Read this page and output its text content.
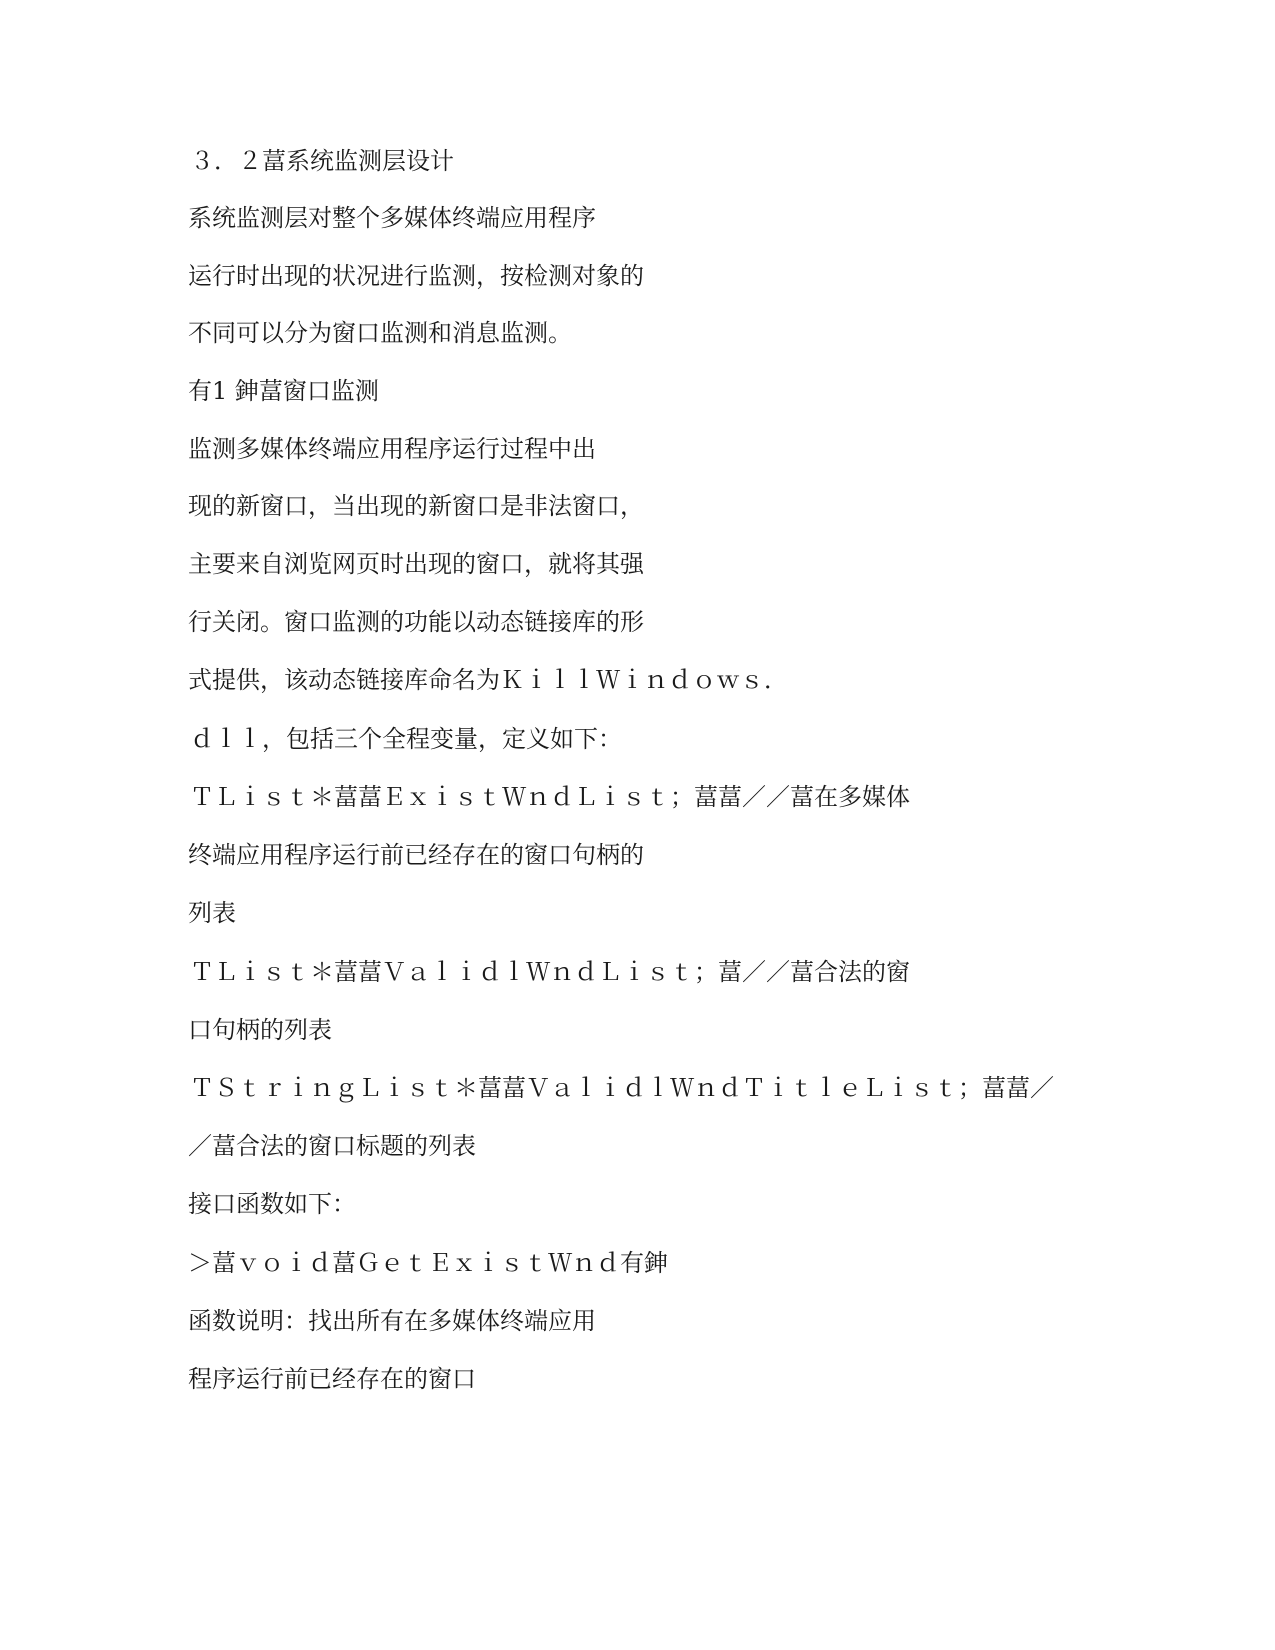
３．２葍系统监测层设计

系统监测层对整个多媒体终端应用程序

运行时出现的状况进行监测，按检测对象的

不同可以分为窗口监测和消息监测。

有1 鉮葍窗口监测

监测多媒体终端应用程序运行过程中出

现的新窗口，当出现的新窗口是非法窗口，

主要来自浏览网页时出现的窗口，就将其强

行关闭。窗口监测的功能以动态链接库的形

式提供，该动态链接库命名为ＫｉｌｌＷｉｎｄｏｗｓ．

ｄｌｌ，包括三个全程变量，定义如下：

ＴＬｉｓｔ＊葍葍ＥｘｉｓｔＷｎｄＬｉｓｔ；葍葍／／葍在多媒体

终端应用程序运行前已经存在的窗口句柄的

列表

ＴＬｉｓｔ＊葍葍ＶａｌｉｄｌＷｎｄＬｉｓｔ；葍／／葍合法的窗

口句柄的列表

ＴＳｔｒｉｎｇＬｉｓｔ＊葍葍ＶａｌｉｄｌＷｎｄＴｉｔｌｅＬｉｓｔ；葍葍／

／葍合法的窗口标题的列表

接口函数如下：

＞葍ｖｏｉｄ葍ＧｅｔＥｘｉｓｔＷｎｄ有鉮

函数说明：找出所有在多媒体终端应用

程序运行前已经存在的窗口
